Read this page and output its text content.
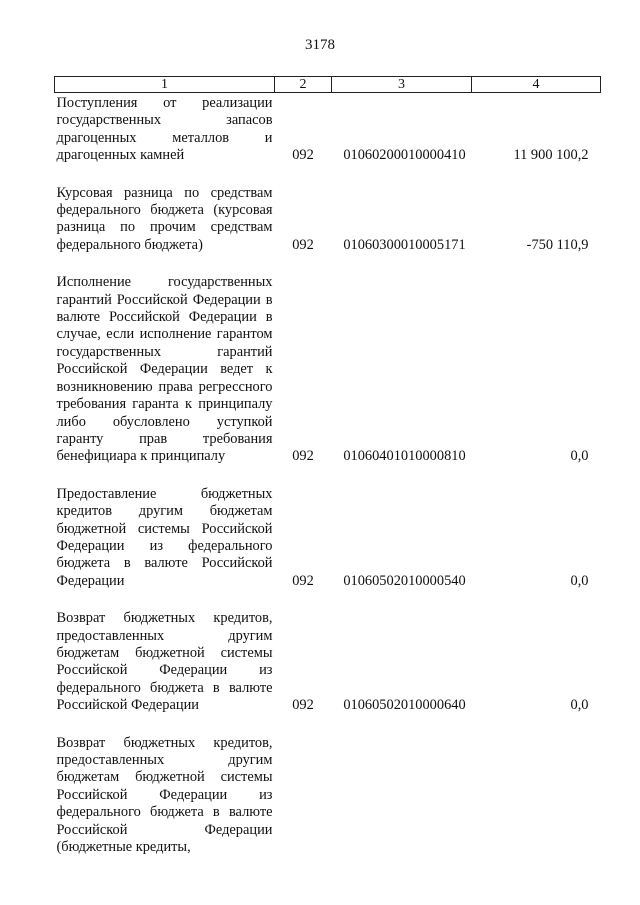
3178
1	2	3	4
Поступления от реализации государственных запасов драгоценных металлов и драгоценных камней	092	01060200010000410	11 900 100,2
Курсовая разница по средствам федерального бюджета (курсовая разница по прочим средствам федерального бюджета)	092	01060300010005171	-750 110,9
Исполнение государственных гарантий Российской Федерации в валюте Российской Федерации в случае, если исполнение гарантом государственных гарантий Российской Федерации ведет к возникновению права регрессного требования гаранта к принципалу либо обусловлено уступкой гаранту прав требования бенефициара к принципалу	092	01060401010000810	0,0
Предоставление бюджетных кредитов другим бюджетам бюджетной системы Российской Федерации из федерального бюджета в валюте Российской Федерации	092	01060502010000540	0,0
Возврат бюджетных кредитов, предоставленных другим бюджетам бюджетной системы Российской Федерации из федерального бюджета в валюте Российской Федерации	092	01060502010000640	0,0
Возврат бюджетных кредитов, предоставленных другим бюджетам бюджетной системы Российской Федерации из федерального бюджета в валюте Российской Федерации (бюджетные кредиты,			
